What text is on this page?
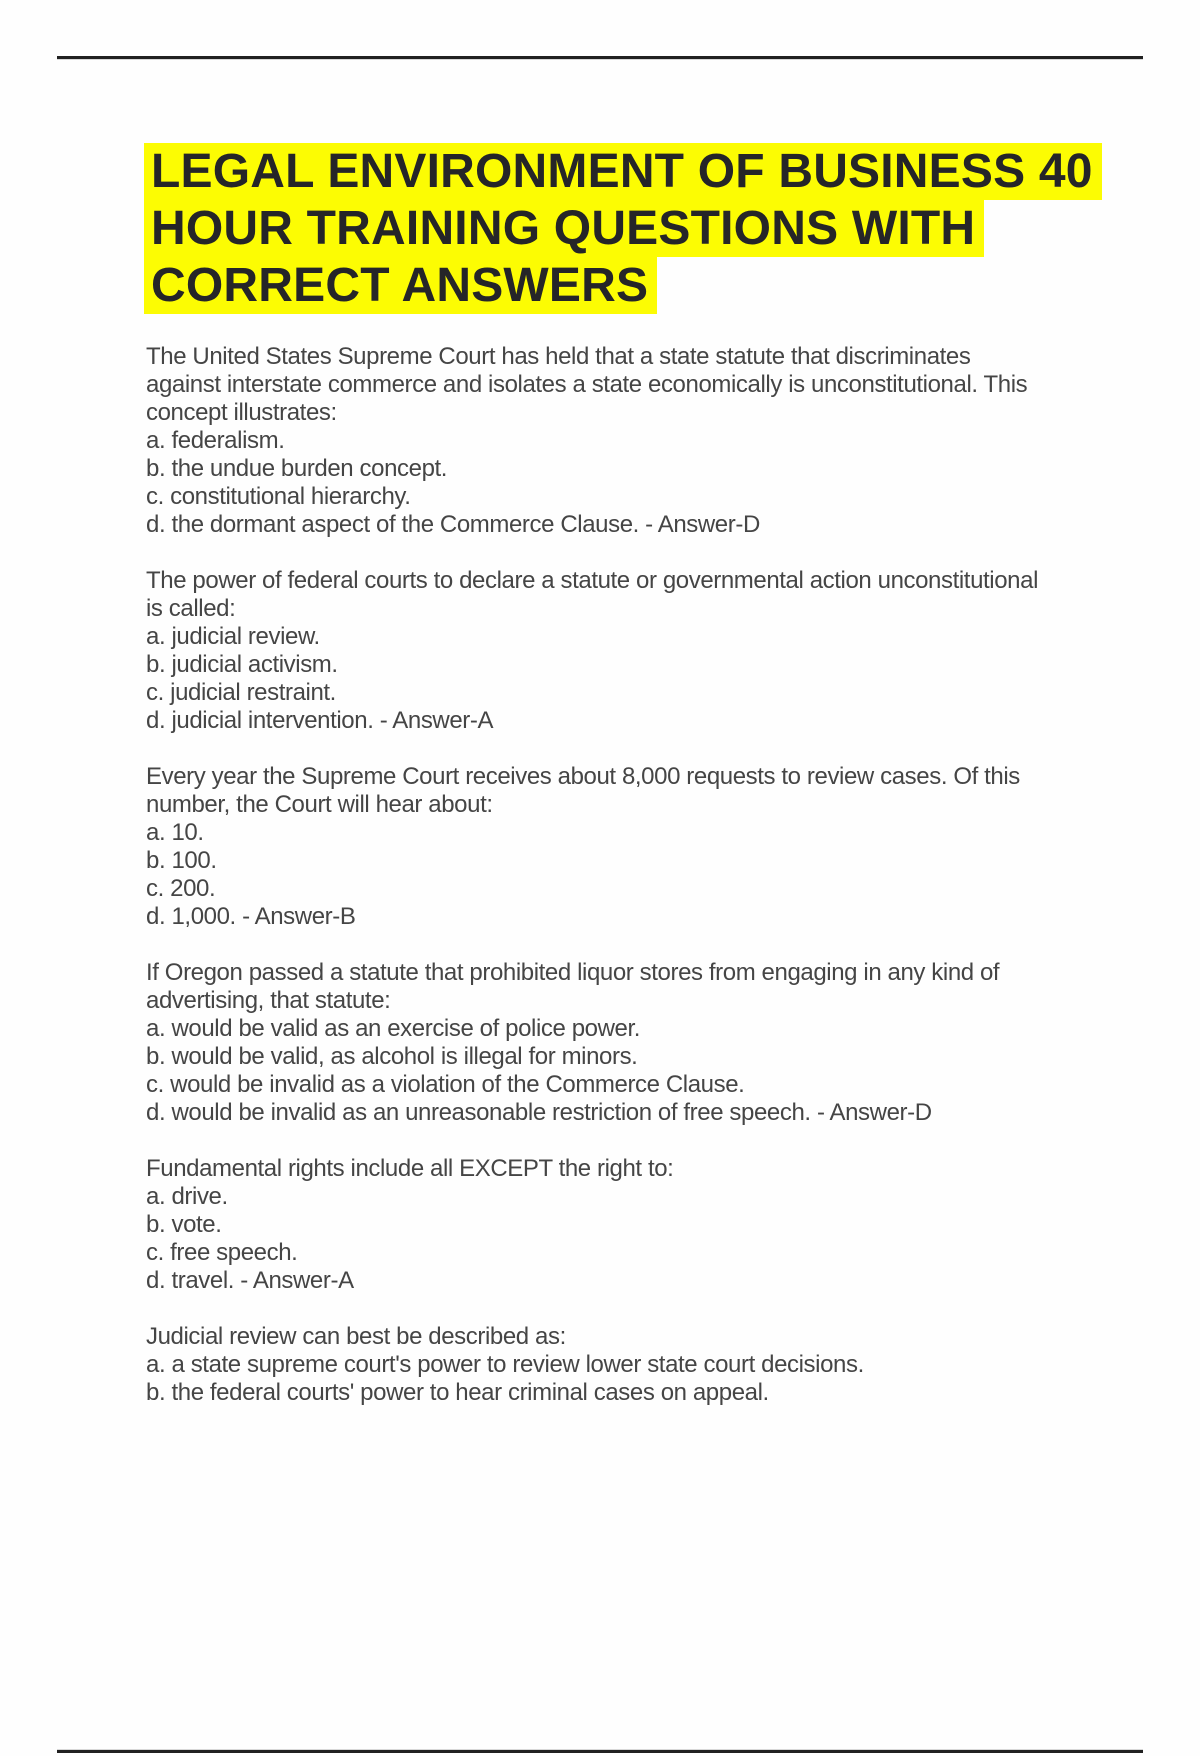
LEGAL ENVIRONMENT OF BUSINESS 40
HOUR TRAINING QUESTIONS WITH
CORRECT ANSWERS

The United States Supreme Court has held that a state statute that discriminates
against interstate commerce and isolates a state economically is unconstitutional. This
concept illustrates:
a. federalism.
b. the undue burden concept.
c. constitutional hierarchy.
d. the dormant aspect of the Commerce Clause. - Answer-D

The power of federal courts to declare a statute or governmental action unconstitutional
is called:
a. judicial review.
b. judicial activism.
c. judicial restraint.
d. judicial intervention. - Answer-A

Every year the Supreme Court receives about 8,000 requests to review cases. Of this
number, the Court will hear about:
a. 10.
b. 100.
c. 200.
d. 1,000. - Answer-B

If Oregon passed a statute that prohibited liquor stores from engaging in any kind of
advertising, that statute:
a. would be valid as an exercise of police power.
b. would be valid, as alcohol is illegal for minors.
c. would be invalid as a violation of the Commerce Clause.
d. would be invalid as an unreasonable restriction of free speech. - Answer-D

Fundamental rights include all EXCEPT the right to:
a. drive.
b. vote.
c. free speech.
d. travel. - Answer-A

Judicial review can best be described as:
a. a state supreme court's power to review lower state court decisions.
b. the federal courts' power to hear criminal cases on appeal.
